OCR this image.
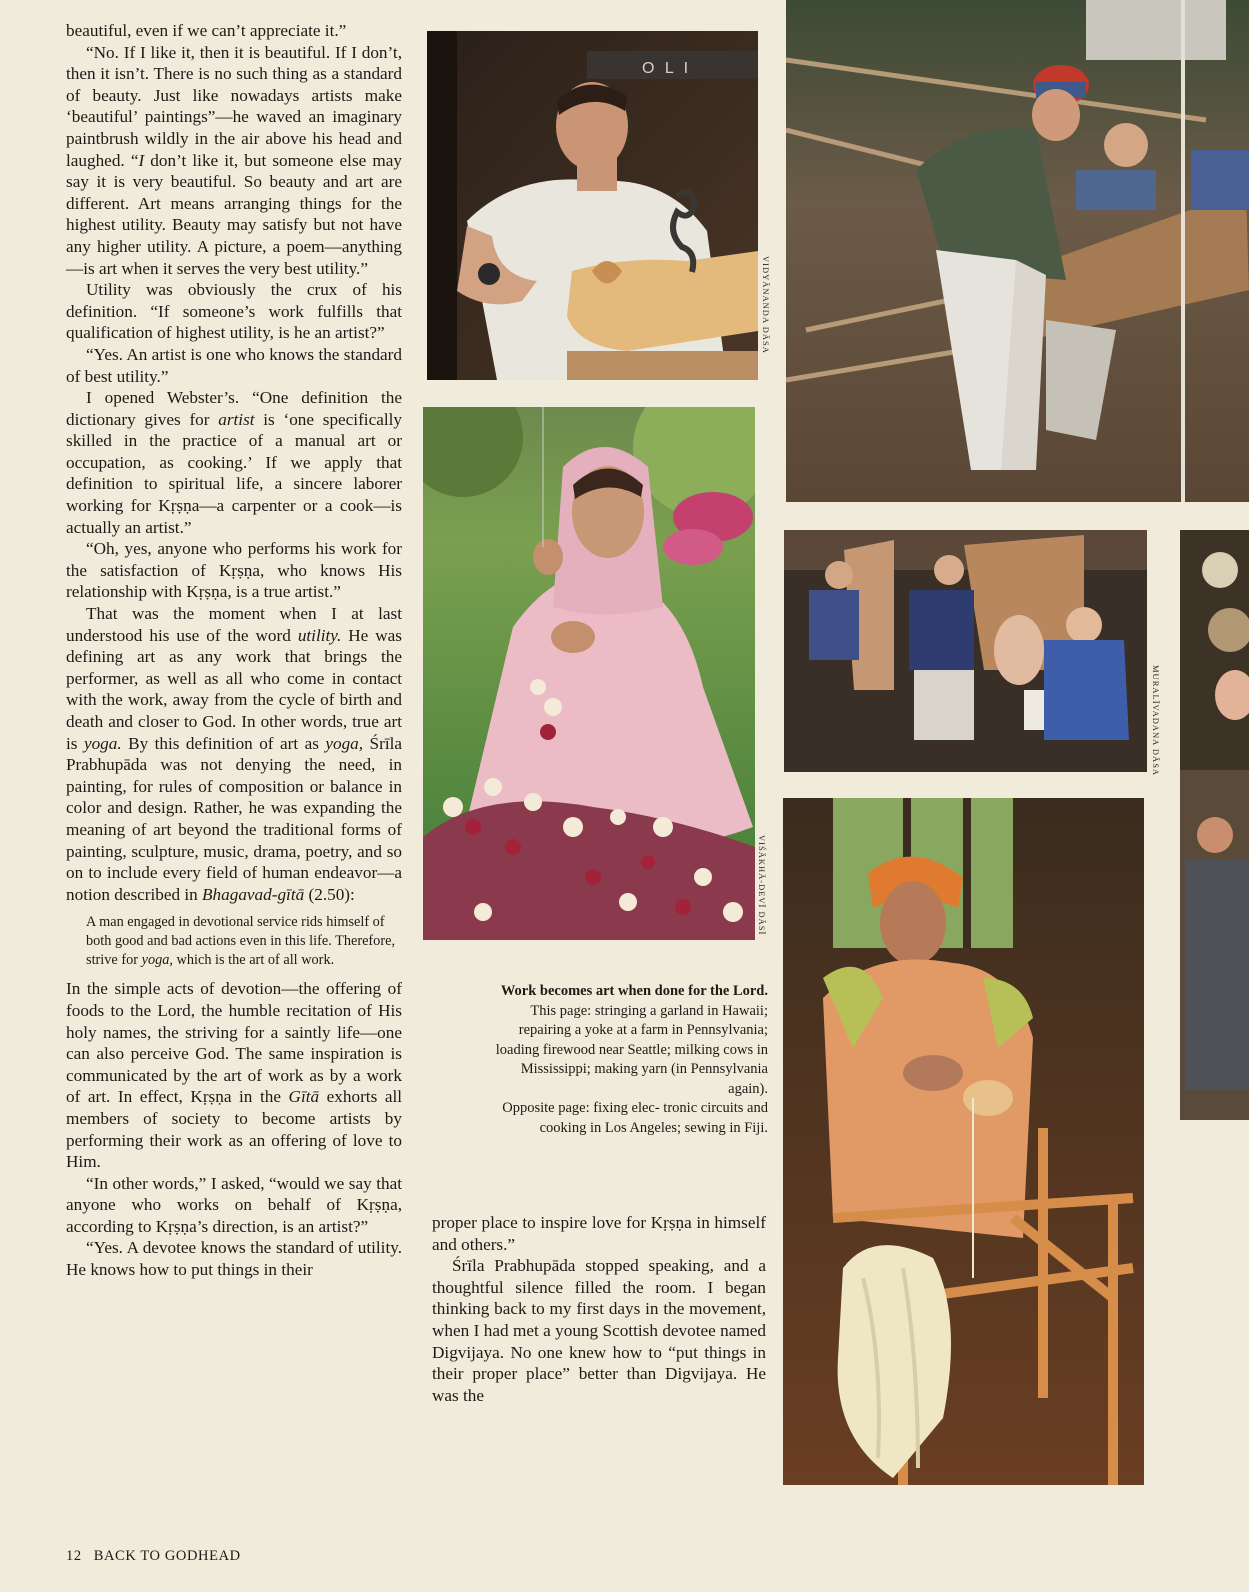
beautiful, even if we can’t appreciate it.”

“No. If I like it, then it is beautiful. If I don’t, then it isn’t. There is no such thing as a standard of beauty. Just like nowadays artists make ‘beautiful’ paintings”—he waved an imaginary paintbrush wildly in the air above his head and laughed. “I don’t like it, but someone else may say it is very beautiful. So beauty and art are different. Art means arranging things for the highest utility. Beauty may satisfy but not have any higher utility. A picture, a poem—anything—is art when it serves the very best utility.”

Utility was obviously the crux of his definition. “If someone’s work fulfills that qualification of highest utility, is he an artist?”

“Yes. An artist is one who knows the standard of best utility.”

I opened Webster’s. “One definition the dictionary gives for artist is ‘one specifically skilled in the practice of a manual art or occupation, as cooking.’ If we apply that definition to spiritual life, a sincere laborer working for Kṛṣṇa—a carpenter or a cook—is actually an artist.”

“Oh, yes, anyone who performs his work for the satisfaction of Kṛṣṇa, who knows His relationship with Kṛṣṇa, is a true artist.”

That was the moment when I at last understood his use of the word utility. He was defining art as any work that brings the performer, as well as all who come in contact with the work, away from the cycle of birth and death and closer to God. In other words, true art is yoga. By this definition of art as yoga, Śrīla Prabhupāda was not denying the need, in painting, for rules of composition or balance in color and design. Rather, he was expanding the meaning of art beyond the traditional forms of painting, sculpture, music, drama, poetry, and so on to include every field of human endeavor—a notion described in Bhagavad-gītā (2.50):

A man engaged in devotional service rids himself of both good and bad actions even in this life. Therefore, strive for yoga, which is the art of all work.

In the simple acts of devotion—the offering of foods to the Lord, the humble recitation of His holy names, the striving for a saintly life—one can also perceive God. The same inspiration is communicated by the art of work as by a work of art. In effect, Kṛṣṇa in the Gītā exhorts all members of society to become artists by performing their work as an offering of love to Him.

“In other words,” I asked, “would we say that anyone who works on behalf of Kṛṣṇa, according to Kṛṣṇa’s direction, is an artist?”

“Yes. A devotee knows the standard of utility. He knows how to put things in their

proper place to inspire love for Kṛṣṇa in himself and others.”

Śrīla Prabhupāda stopped speaking, and a thoughtful silence filled the room. I began thinking back to my first days in the movement, when I had met a young Scottish devotee named Digvijaya. No one knew how to “put things in their proper place” better than Digvijaya. He was the

O L I
VIDYĀNANDA DĀSA
VIŚĀKHĀ-DEVĪ DĀSĪ
MURALĪVADANA DĀSA
Work becomes art when done for the Lord. This page: stringing a garland in Hawaii; repairing a yoke at a farm in Pennsylvania; loading firewood near Seattle; milking cows in Mississippi; making yarn (in Pennsylvania again).
Opposite page: fixing elec- tronic circuits and cooking in Los Angeles; sewing in Fiji.
12 BACK TO GODHEAD
